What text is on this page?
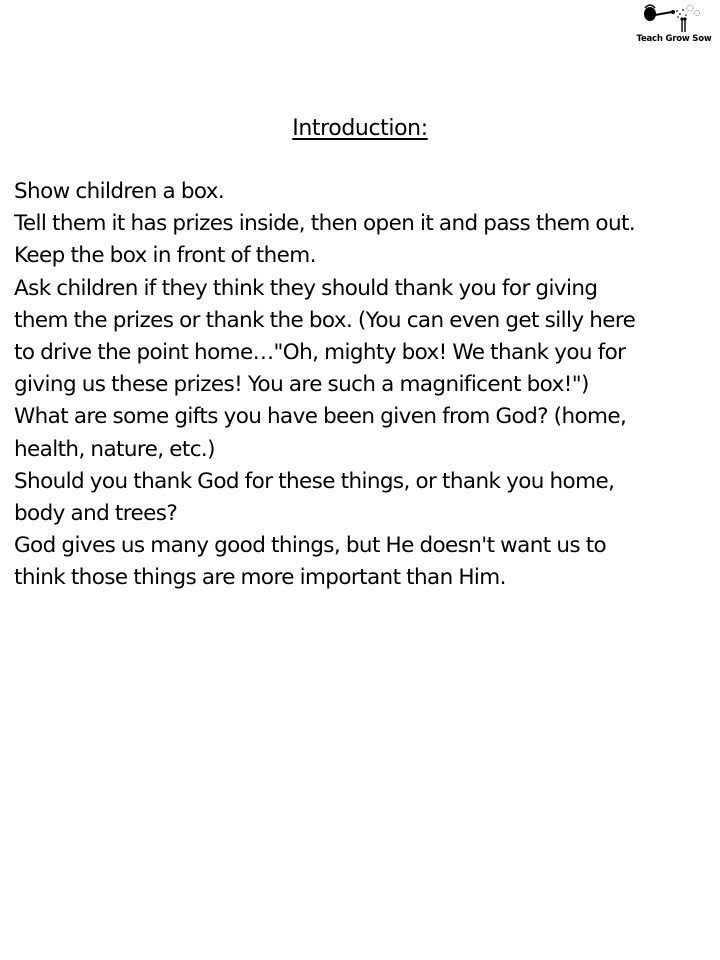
Teach Grow Sow
Introduction:
Show children a box.
Tell them it has prizes inside, then open it and pass them out.
Keep the box in front of them.
Ask children if they think they should thank you for giving
them the prizes or thank the box. (You can even get silly here
to drive the point home…"Oh, mighty box! We thank you for
giving us these prizes! You are such a magnificent box!")
What are some gifts you have been given from God? (home,
health, nature, etc.)
Should you thank God for these things, or thank you home,
body and trees?
God gives us many good things, but He doesn't want us to
think those things are more important than Him.
